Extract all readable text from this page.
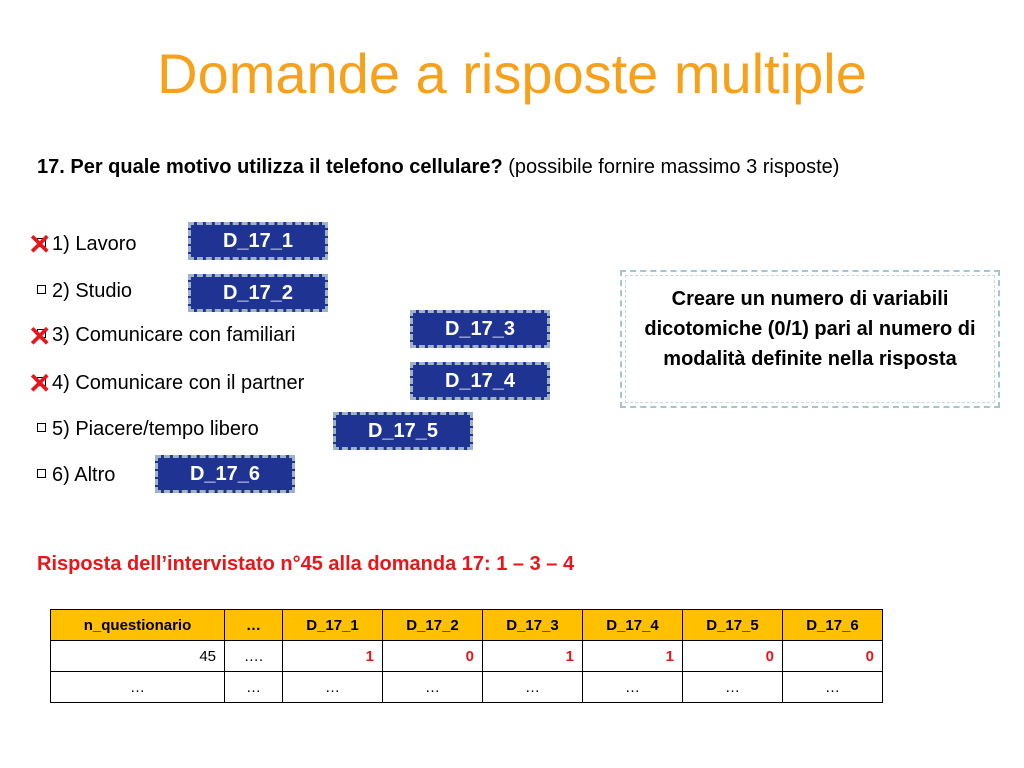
Domande a risposte multiple
17. Per quale motivo utilizza il telefono cellulare? (possibile fornire massimo 3 risposte)
1) Lavoro
✕
2) Studio
3) Comunicare con familiari
✕
4) Comunicare con il partner
✕
5) Piacere/tempo libero
6) Altro
D_17_1
D_17_2
D_17_3
D_17_4
D_17_5
D_17_6
Creare un numero di variabili dicotomiche (0/1) pari al numero di modalità definite nella risposta
Risposta dell’intervistato n°45 alla domanda 17: 1 – 3 – 4
n_questionario	…	D_17_1	D_17_2	D_17_3	D_17_4	D_17_5	D_17_6
45	….	1	0	1	1	0	0
…	…	…	…	…	…	…	…
